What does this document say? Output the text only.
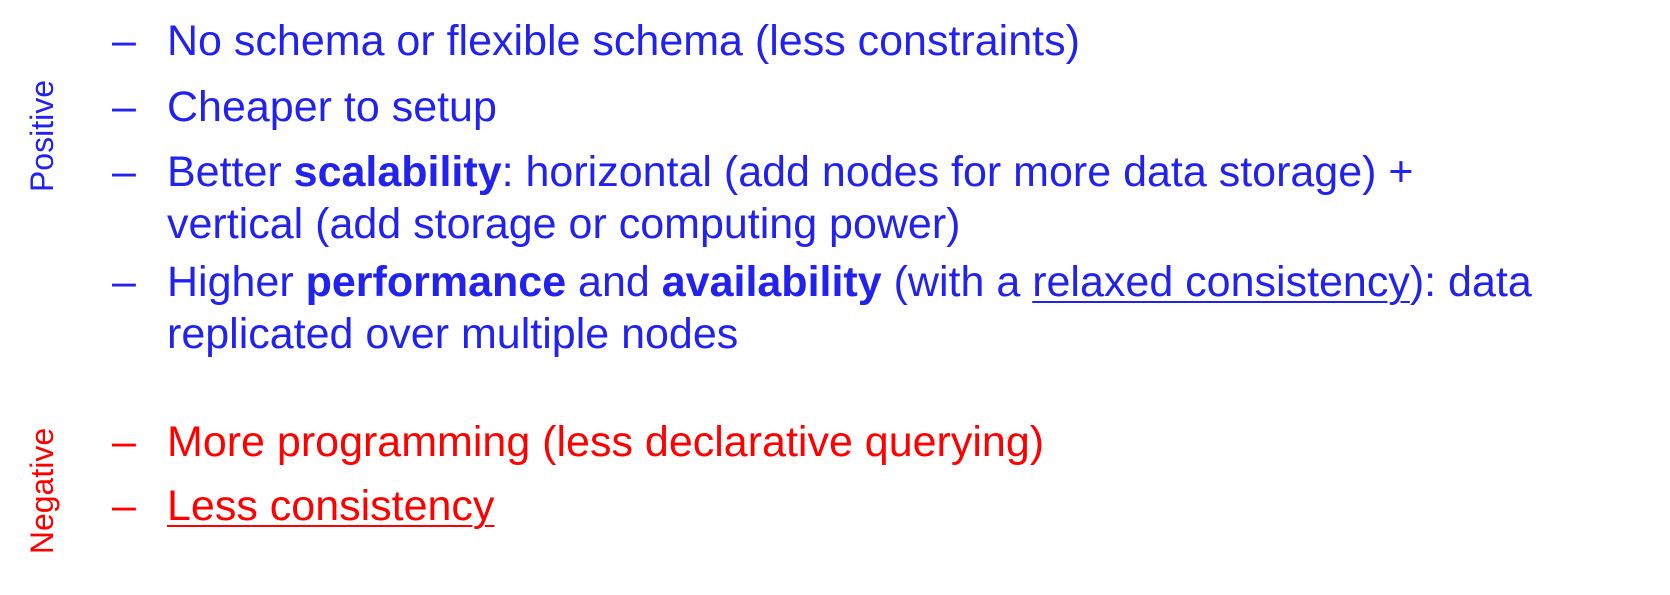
Positive
Negative
– No schema or flexible schema (less constraints)
– Cheaper to setup
– Better scalability: horizontal (add nodes for more data storage) +
vertical (add storage or computing power)
– Higher performance and availability (with a relaxed consistency): data
replicated over multiple nodes
– More programming (less declarative querying)
– Less consistency
